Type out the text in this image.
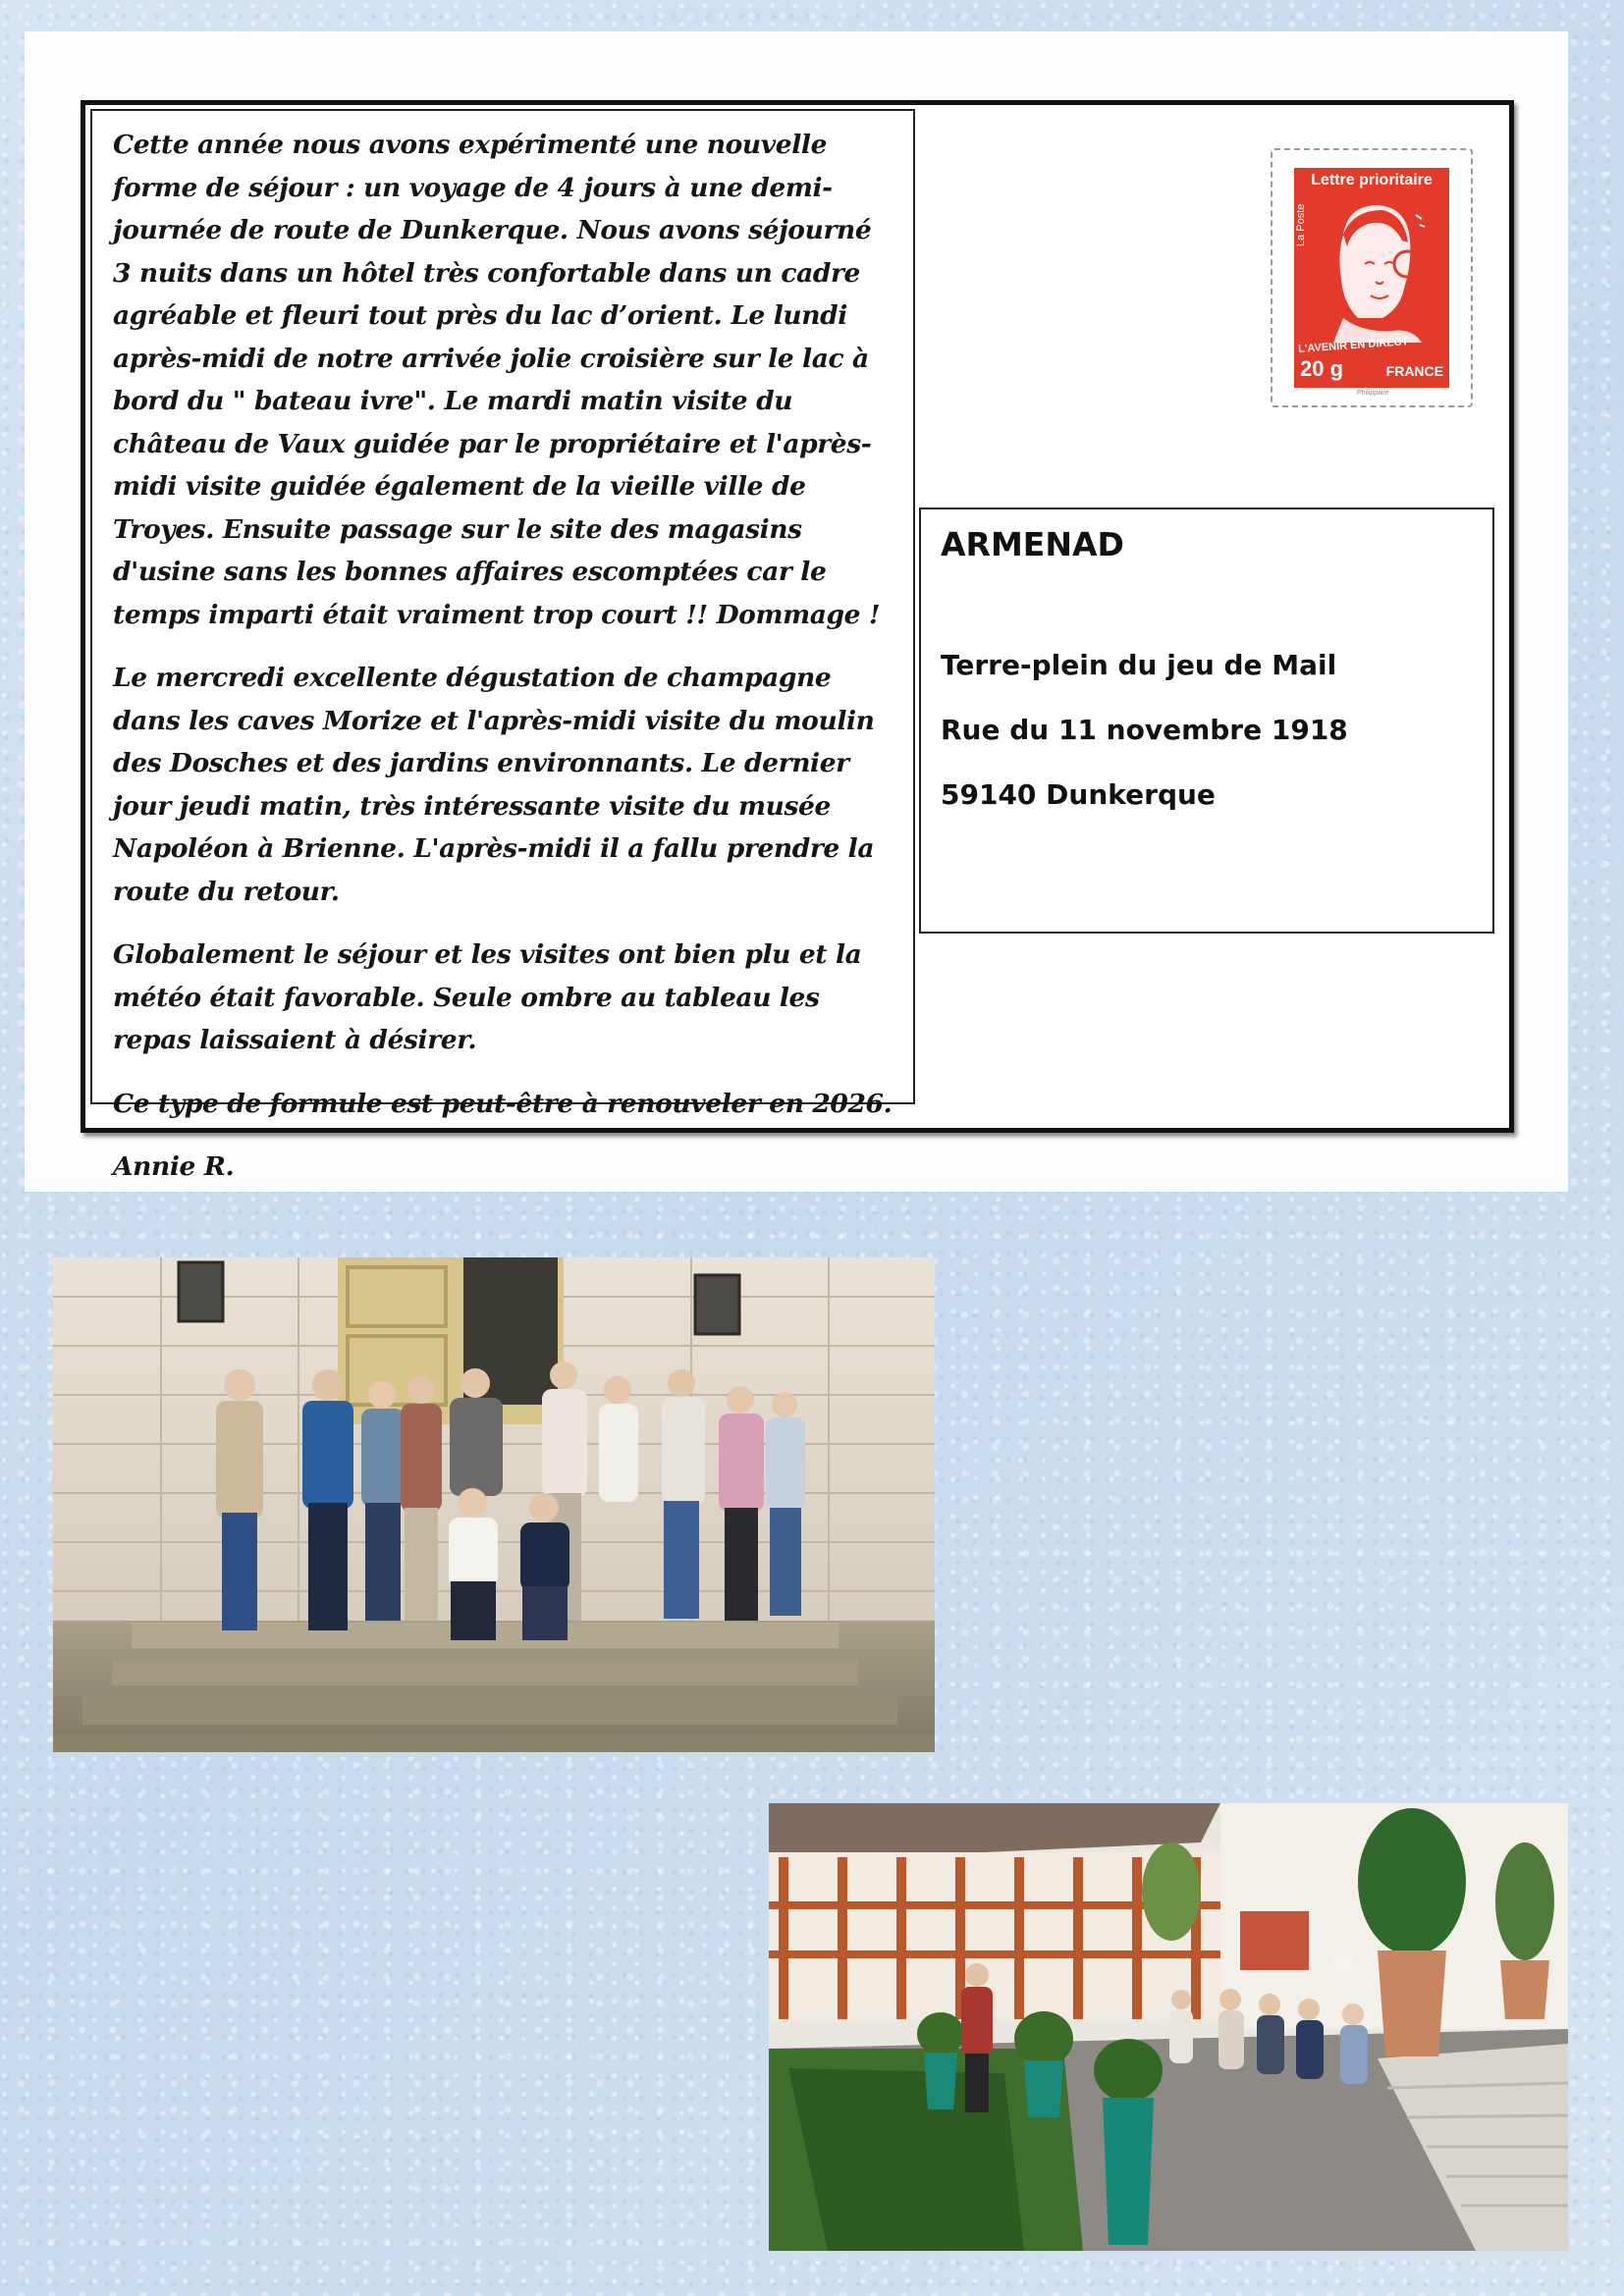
Cette année nous avons expérimenté une nouvelle forme de séjour : un voyage de 4 jours à une demi-journée de route de Dunkerque. Nous avons séjourné 3 nuits dans un hôtel très confortable dans un cadre agréable et fleuri tout près du lac d’orient. Le lundi après-midi de notre arrivée jolie croisière sur le lac à bord du " bateau ivre". Le mardi matin visite du château de Vaux guidée par le propriétaire et l'après-midi visite guidée également de la vieille ville de Troyes. Ensuite passage sur le site des magasins d'usine sans les bonnes affaires escomptées car le temps imparti était vraiment trop court !! Dommage !

Le mercredi excellente dégustation de champagne dans les caves Morize et l'après-midi visite du moulin des Dosches et des jardins environnants. Le dernier jour jeudi matin, très intéressante visite du musée Napoléon à Brienne. L'après-midi il a fallu prendre la route du retour.

Globalement le séjour et les visites ont bien plu et la météo était favorable. Seule ombre au tableau les repas laissaient à désirer.

Ce type de formule est peut-être à renouveler en 2026.

Annie R.

Lettre prioritaire
La Poste
L'AVENIR EN DIRECT
20 g	FRANCE
Philippaire

ARMENAD

Terre-plein du jeu de Mail

Rue du 11 novembre 1918

59140 Dunkerque
